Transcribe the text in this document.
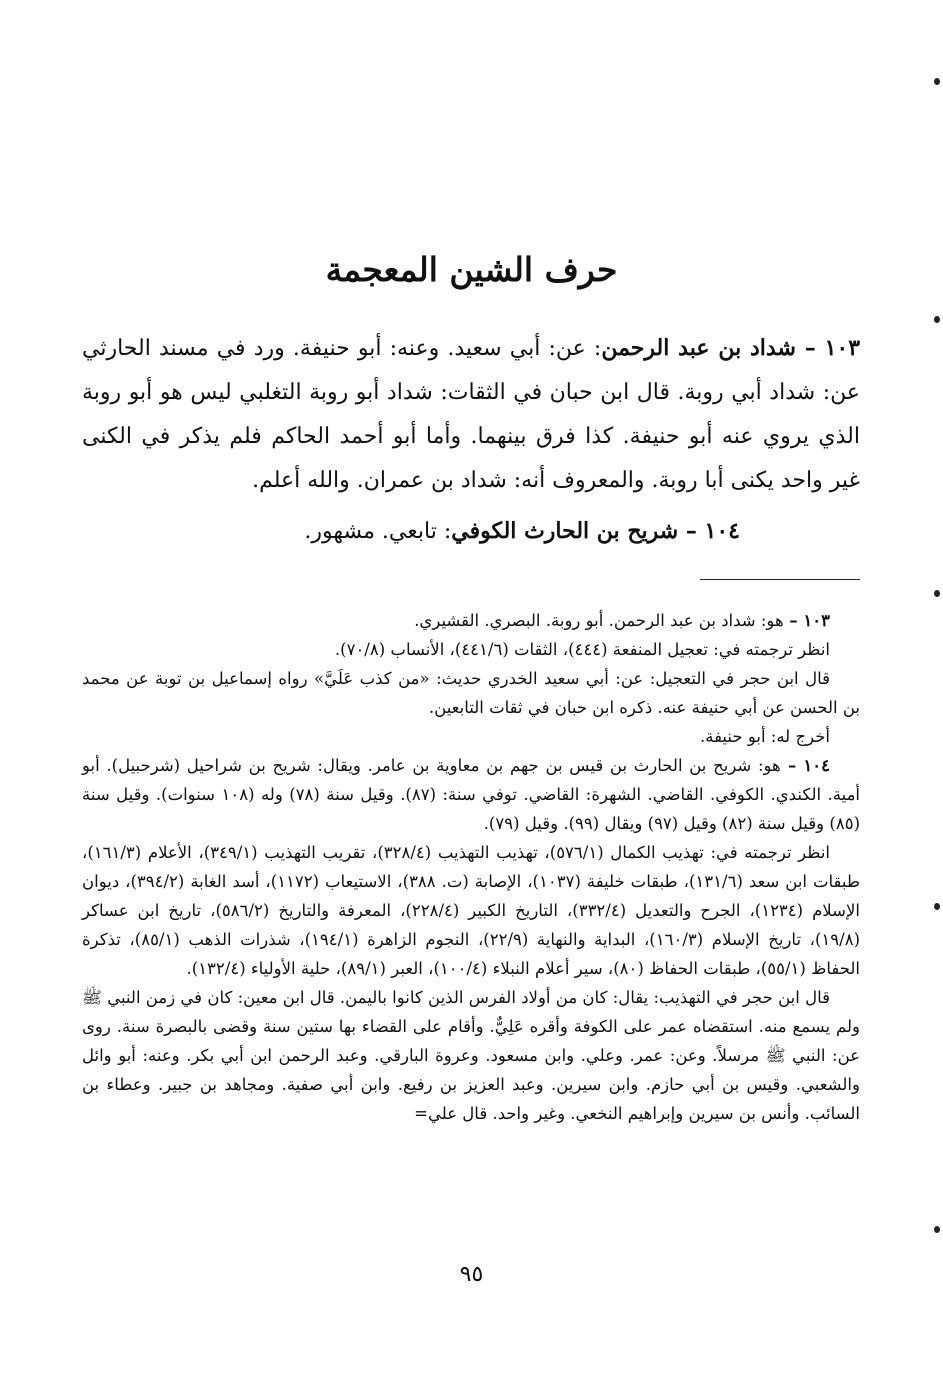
حرف الشين المعجمة

١٠٣ – شداد بن عبد الرحمن: عن: أبي سعيد. وعنه: أبو حنيفة. ورد في مسند الحارثي عن: شداد أبي روبة. قال ابن حبان في الثقات: شداد أبو روبة التغلبي ليس هو أبو روبة الذي يروي عنه أبو حنيفة. كذا فرق بينهما. وأما أبو أحمد الحاكم فلم يذكر في الكنى غير واحد يكنى أبا روبة. والمعروف أنه: شداد بن عمران. والله أعلم.

١٠٤ – شريح بن الحارث الكوفي: تابعي. مشهور.

١٠٣ – هو: شداد بن عبد الرحمن. أبو روبة. البصري. القشيري.

انظر ترجمته في: تعجيل المنفعة (٤٤٤)، الثقات (٤٤١/٦)، الأنساب (٧٠/٨).

قال ابن حجر في التعجيل: عن: أبي سعيد الخدري حديث: «من كذب عَلَيَّ» رواه إسماعيل بن توبة عن محمد بن الحسن عن أبي حنيفة عنه. ذكره ابن حبان في ثقات التابعين.

أخرج له: أبو حنيفة.

١٠٤ – هو: شريح بن الحارث بن قيس بن جهم بن معاوية بن عامر. ويقال: شريح بن شراحيل (شرحبيل). أبو أمية. الكندي. الكوفي. القاضي. الشهرة: القاضي. توفي سنة: (٨٧). وقيل سنة (٧٨) وله (١٠٨ سنوات). وقيل سنة (٨٥) وقيل سنة (٨٢) وقيل (٩٧) ويقال (٩٩). وقيل (٧٩).

انظر ترجمته في: تهذيب الكمال (٥٧٦/١)، تهذيب التهذيب (٣٢٨/٤)، تقريب التهذيب (٣٤٩/١)، الأعلام (١٦١/٣)، طبقات ابن سعد (١٣١/٦)، طبقات خليفة (١٠٣٧)، الإصابة (ت. ٣٨٨)، الاستيعاب (١١٧٢)، أسد الغابة (٣٩٤/٢)، ديوان الإسلام (١٢٣٤)، الجرح والتعديل (٣٣٢/٤)، التاريخ الكبير (٢٢٨/٤)، المعرفة والتاريخ (٥٨٦/٢)، تاريخ ابن عساكر (١٩/٨)، تاريخ الإسلام (١٦٠/٣)، البداية والنهاية (٢٢/٩)، النجوم الزاهرة (١٩٤/١)، شذرات الذهب (٨٥/١)، تذكرة الحفاظ (٥٥/١)، طبقات الحفاظ (٨٠)، سير أعلام النبلاء (١٠٠/٤)، العبر (٨٩/١)، حلية الأولياء (١٣٢/٤).

قال ابن حجر في التهذيب: يقال: كان من أولاد الفرس الذين كانوا باليمن. قال ابن معين: كان في زمن النبي ﷺ ولم يسمع منه. استقضاه عمر على الكوفة وأقره عَلِيٌّ. وأقام على القضاء بها ستين سنة وقضى بالبصرة سنة. روى عن: النبي ﷺ مرسلاً. وعن: عمر. وعلي. وابن مسعود. وعروة البارقي. وعبد الرحمن ابن أبي بكر. وعنه: أبو وائل والشعبي. وقيس بن أبي حازم. وابن سيرين. وعبد العزيز بن رفيع. وابن أبي صفية. ومجاهد بن جبير. وعطاء بن السائب. وأنس بن سيرين وإبراهيم النخعي. وغير واحد. قال علي=

٩٥
